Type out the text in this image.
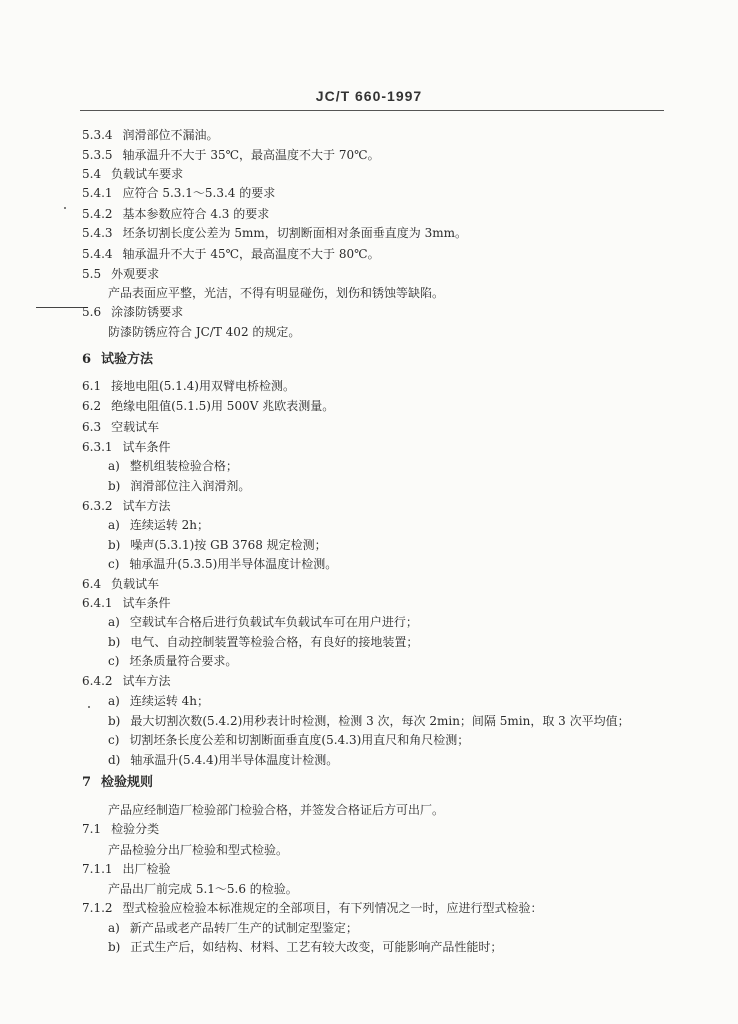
JC/T 660-1997
5.3.4 润滑部位不漏油。
5.3.5 轴承温升不大于 35℃，最高温度不大于 70℃。
5.4 负载试车要求
5.4.1 应符合 5.3.1～5.3.4 的要求
5.4.2 基本参数应符合 4.3 的要求
5.4.3 坯条切割长度公差为 5mm，切割断面相对条面垂直度为 3mm。
5.4.4 轴承温升不大于 45℃，最高温度不大于 80℃。
5.5 外观要求
产品表面应平整，光洁，不得有明显碰伤，划伤和锈蚀等缺陷。
5.6 涂漆防锈要求
防漆防锈应符合 JC/T 402 的规定。
6 试验方法
6.1 接地电阻(5.1.4)用双臂电桥检测。
6.2 绝缘电阻值(5.1.5)用 500V 兆欧表测量。
6.3 空载试车
6.3.1 试车条件
a) 整机组装检验合格；
b) 润滑部位注入润滑剂。
6.3.2 试车方法
a) 连续运转 2h；
b) 噪声(5.3.1)按 GB 3768 规定检测；
c) 轴承温升(5.3.5)用半导体温度计检测。
6.4 负载试车
6.4.1 试车条件
a) 空载试车合格后进行负载试车负载试车可在用户进行；
b) 电气、自动控制装置等检验合格，有良好的接地装置；
c) 坯条质量符合要求。
6.4.2 试车方法
a) 连续运转 4h；
b) 最大切割次数(5.4.2)用秒表计时检测，检测 3 次，每次 2min；间隔 5min，取 3 次平均值；
c) 切割坯条长度公差和切割断面垂直度(5.4.3)用直尺和角尺检测；
d) 轴承温升(5.4.4)用半导体温度计检测。
7 检验规则
产品应经制造厂检验部门检验合格，并签发合格证后方可出厂。
7.1 检验分类
产品检验分出厂检验和型式检验。
7.1.1 出厂检验
产品出厂前完成 5.1～5.6 的检验。
7.1.2 型式检验应检验本标准规定的全部项目，有下列情况之一时，应进行型式检验：
a) 新产品或老产品转厂生产的试制定型鉴定；
b) 正式生产后，如结构、材料、工艺有较大改变，可能影响产品性能时；
